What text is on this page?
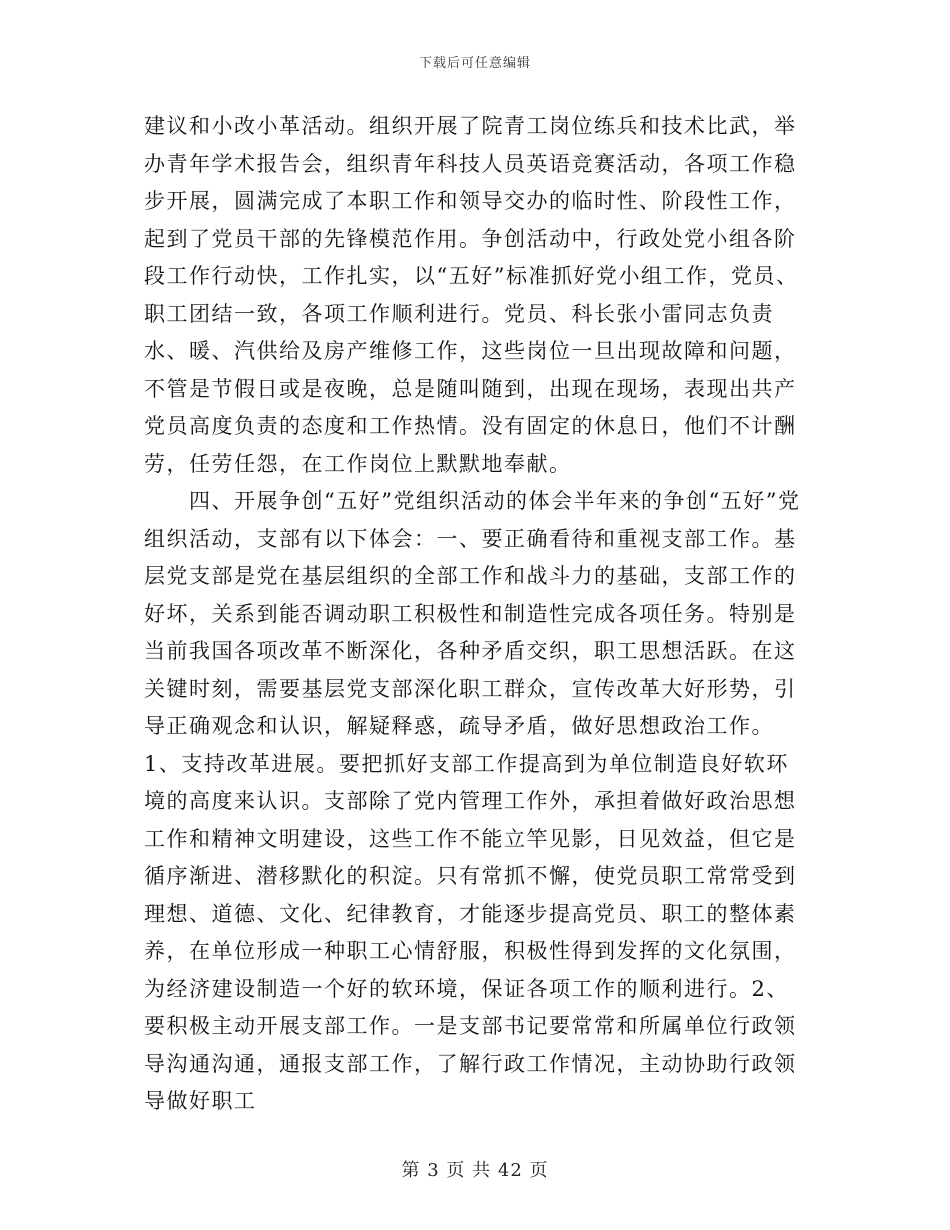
下载后可任意编辑

建议和小改小革活动。组织开展了院青工岗位练兵和技术比武，举办青年学术报告会，组织青年科技人员英语竞赛活动，各项工作稳步开展，圆满完成了本职工作和领导交办的临时性、阶段性工作，起到了党员干部的先锋模范作用。争创活动中，行政处党小组各阶段工作行动快，工作扎实，以“五好”标准抓好党小组工作，党员、职工团结一致，各项工作顺利进行。党员、科长张小雷同志负责水、暖、汽供给及房产维修工作，这些岗位一旦出现故障和问题，不管是节假日或是夜晚，总是随叫随到，出现在现场，表现出共产党员高度负责的态度和工作热情。没有固定的休息日，他们不计酬劳，任劳任怨，在工作岗位上默默地奉献。

四、开展争创“五好”党组织活动的体会半年来的争创“五好”党组织活动，支部有以下体会：一、要正确看待和重视支部工作。基层党支部是党在基层组织的全部工作和战斗力的基础，支部工作的好坏，关系到能否调动职工积极性和制造性完成各项任务。特别是当前我国各项改革不断深化，各种矛盾交织，职工思想活跃。在这关键时刻，需要基层党支部深化职工群众，宣传改革大好形势，引导正确观念和认识，解疑释惑，疏导矛盾，做好思想政治工作。1、支持改革进展。要把抓好支部工作提高到为单位制造良好软环境的高度来认识。支部除了党内管理工作外，承担着做好政治思想工作和精神文明建设，这些工作不能立竿见影，日见效益，但它是循序渐进、潜移默化的积淀。只有常抓不懈，使党员职工常常受到理想、道德、文化、纪律教育，才能逐步提高党员、职工的整体素养，在单位形成一种职工心情舒服，积极性得到发挥的文化氛围，为经济建设制造一个好的软环境，保证各项工作的顺利进行。2、要积极主动开展支部工作。一是支部书记要常常和所属单位行政领导沟通沟通，通报支部工作，了解行政工作情况，主动协助行政领导做好职工

第 3 页 共 42 页
